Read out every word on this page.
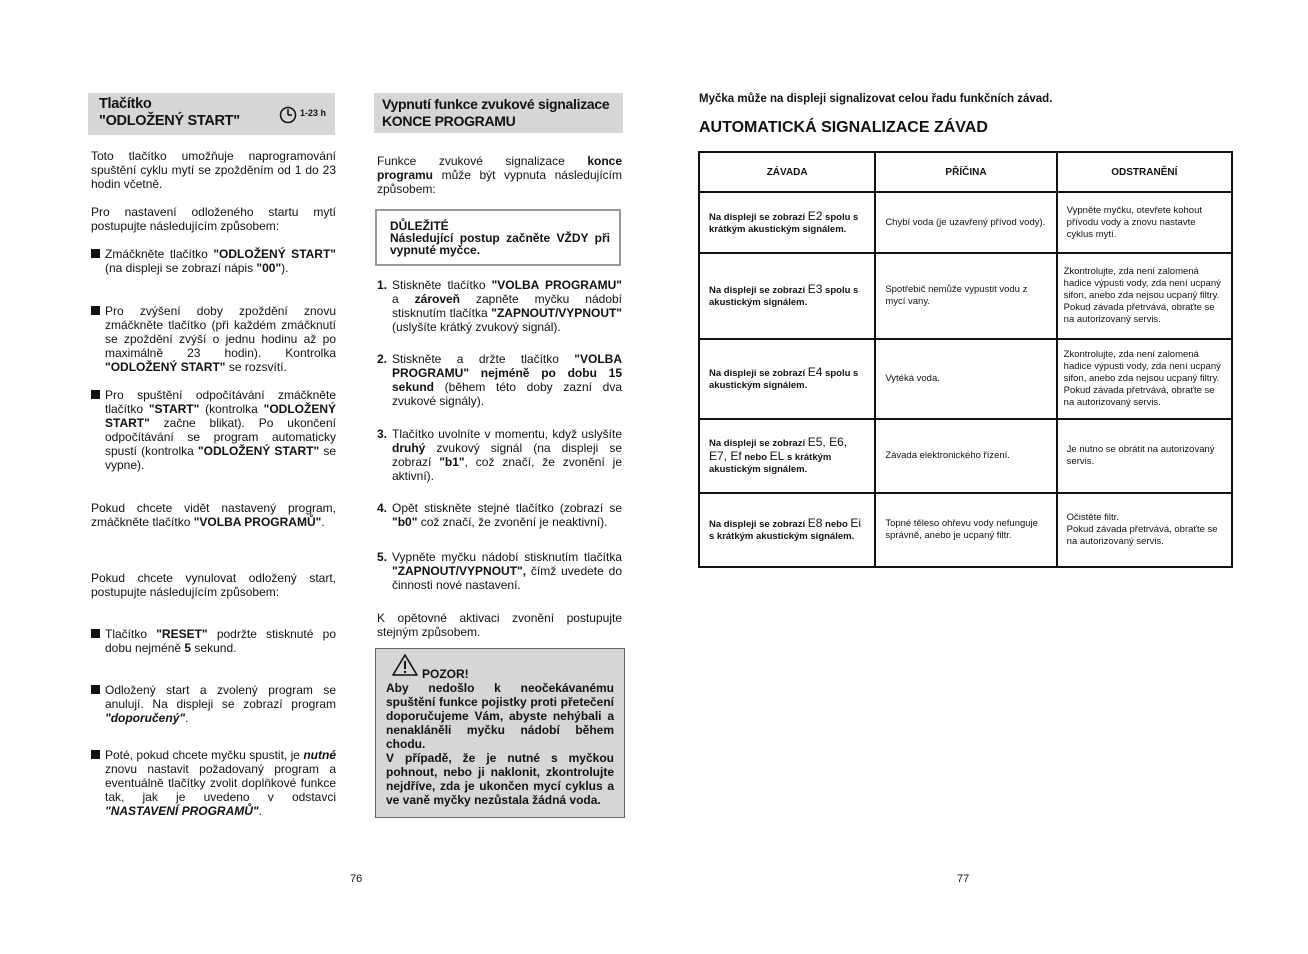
Tlačítko
"ODLOŽENÝ START"	1-23 h
Toto tlačítko umožňuje naprogramování spuštění cyklu mytí se zpožděním od 1 do 23 hodin včetně.
Pro nastavení odloženého startu mytí postupujte následujícím způsobem:
Zmáčkněte tlačítko "ODLOŽENÝ START" (na displeji se zobrazí nápis "00").
Pro zvýšení doby zpoždění znovu zmáčkněte tlačítko (při každém zmáčknutí se zpoždění zvýší o jednu hodinu až po maximálně 23 hodin). Kontrolka "ODLOŽENÝ START" se rozsvítí.
Pro spuštění odpočítávání zmáčkněte tlačítko "START" (kontrolka "ODLOŽENÝ START" začne blikat). Po ukončení odpočítávání se program automaticky spustí (kontrolka "ODLOŽENÝ START" se vypne).
Pokud chcete vidět nastavený program, zmáčkněte tlačítko "VOLBA PROGRAMŮ".
Pokud chcete vynulovat odložený start, postupujte následujícím způsobem:
Tlačítko "RESET" podržte stisknuté po dobu nejméně 5 sekund.
Odložený start a zvolený program se anulují. Na displeji se zobrazí program "doporučený".
Poté, pokud chcete myčku spustit, je nutné znovu nastavit požadovaný program a eventuálně tlačítky zvolit doplňkové funkce tak, jak je uvedeno v odstavci "NASTAVENÍ PROGRAMŮ".
76
Vypnutí funkce zvukové signalizace
KONCE PROGRAMU
Funkce zvukové signalizace konce programu může být vypnuta následujícím způsobem:
DŮLEŽITÉ
Následující postup začněte VŽDY při vypnuté myčce.
1. Stiskněte tlačítko "VOLBA PROGRAMU" a zároveň zapněte myčku nádobí stisknutím tlačítka "ZAPNOUT/VYPNOUT" (uslyšíte krátký zvukový signál).
2. Stiskněte a držte tlačítko "VOLBA PROGRAMU" nejméně po dobu 15 sekund (během této doby zazní dva zvukové signály).
3. Tlačítko uvolníte v momentu, když uslyšíte druhý zvukový signál (na displeji se zobrazí "b1", což značí, že zvonění je aktivní).
4. Opět stiskněte stejné tlačítko (zobrazí se "b0" což značí, že zvonění je neaktivní).
5. Vypněte myčku nádobí stisknutím tlačítka "ZAPNOUT/VYPNOUT", čímž uvedete do činnosti nové nastavení.
K opětovné aktivaci zvonění postupujte stejným způsobem.
POZOR!
Aby nedošlo k neočekávanému spuštění funkce pojistky proti přetečení doporučujeme Vám, abyste nehýbali a nenakláněli myčku nádobí během chodu.
V případě, že je nutné s myčkou pohnout, nebo ji naklonit, zkontrolujte nejdříve, zda je ukončen mycí cyklus a ve vaně myčky nezůstala žádná voda.
Myčka může na displeji signalizovat celou řadu funkčních závad.
AUTOMATICKÁ SIGNALIZACE ZÁVAD
ZÁVADA	PŘÍČINA	ODSTRANĚNÍ
Na displeji se zobrazí E2 spolu s krátkým akustickým signálem.	Chybí voda (je uzavřený přívod vody).	Vypněte myčku, otevřete kohout přívodu vody a znovu nastavte cyklus mytí.
Na displeji se zobrazí E3 spolu s akustickým signálem.	Spotřebič nemůže vypustit vodu z mycí vany.	Zkontrolujte, zda není zalomená hadice výpusti vody, zda není ucpaný sifon, anebo zda nejsou ucpaný filtry.
Pokud závada přetrvává, obraťte se na autorizovaný servis.
Na displeji se zobrazí E4 spolu s akustickým signálem.	Vytéká voda.	Zkontrolujte, zda není zalomená hadice výpusti vody, zda není ucpaný sifon, anebo zda nejsou ucpaný filtry.
Pokud závada přetrvává, obraťte se na autorizovaný servis.
Na displeji se zobrazí E5, E6, E7, Ef nebo EL s krátkým akustickým signálem.	Závada elektronického řízení.	Je nutno se obrátit na autorizovaný servis.
Na displeji se zobrazí E8 nebo Ei s krátkým akustickým signálem.	Topné těleso ohřevu vody nefunguje správně, anebo je ucpaný filtr.	Očistěte filtr.
Pokud závada přetrvává, obraťte se na autorizovaný servis.
77
